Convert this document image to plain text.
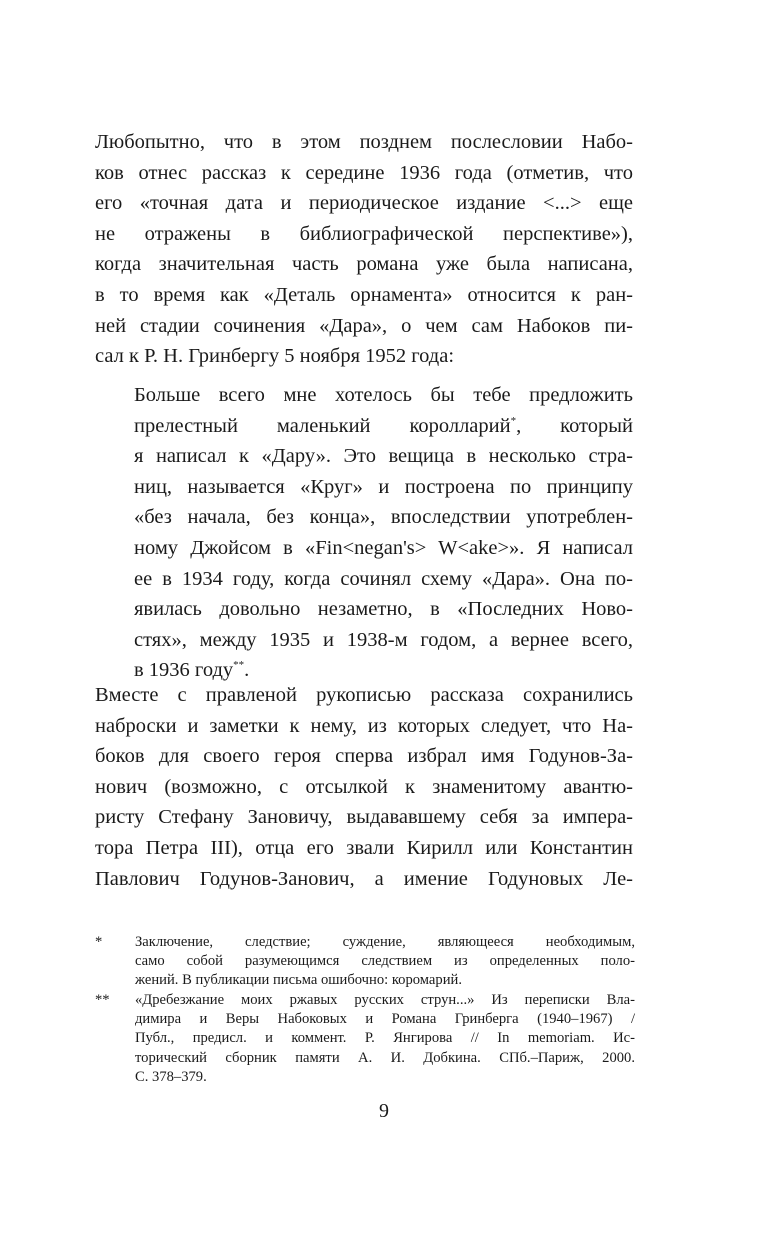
Любопытно, что в этом позднем послесловии Набо-
ков отнес рассказ к середине 1936 года (отметив, что
его «точная дата и периодическое издание <...> еще
не отражены в библиографической перспективе»),
когда значительная часть романа уже была написана,
в то время как «Деталь орнамента» относится к ран-
ней стадии сочинения «Дара», о чем сам Набоков пи-
сал к Р. Н. Гринбергу 5 ноября 1952 года:
Больше всего мне хотелось бы тебе предложить
прелестный маленький королларий*, который
я написал к «Дару». Это вещица в несколько стра-
ниц, называется «Круг» и построена по принципу
«без начала, без конца», впоследствии употреблен-
ному Джойсом в «Fin<negan's> W<ake>». Я написал
ее в 1934 году, когда сочинял схему «Дара». Она по-
явилась довольно незаметно, в «Последних Ново-
стях», между 1935 и 1938-м годом, а вернее всего,
в 1936 году**.
Вместе с правленой рукописью рассказа сохранились
наброски и заметки к нему, из которых следует, что На-
боков для своего героя сперва избрал имя Годунов-За-
нович (возможно, с отсылкой к знаменитому авантю-
ристу Стефану Зановичу, выдававшему себя за импера-
тора Петра III), отца его звали Кирилл или Константин
Павлович Годунов-Занович, а имение Годуновых Ле-
*	Заключение, следствие; суждение, являющееся необходимым,
само собой разумеющимся следствием из определенных поло-
жений. В публикации письма ошибочно: коромарий.
**	«Дребезжание моих ржавых русских струн...» Из переписки Вла-
димира и Веры Набоковых и Романа Гринберга (1940–1967) /
Публ., предисл. и коммент. Р. Янгирова // In memoriam. Ис-
торический сборник памяти А. И. Добкина. СПб.–Париж, 2000.
С. 378–379.
9
